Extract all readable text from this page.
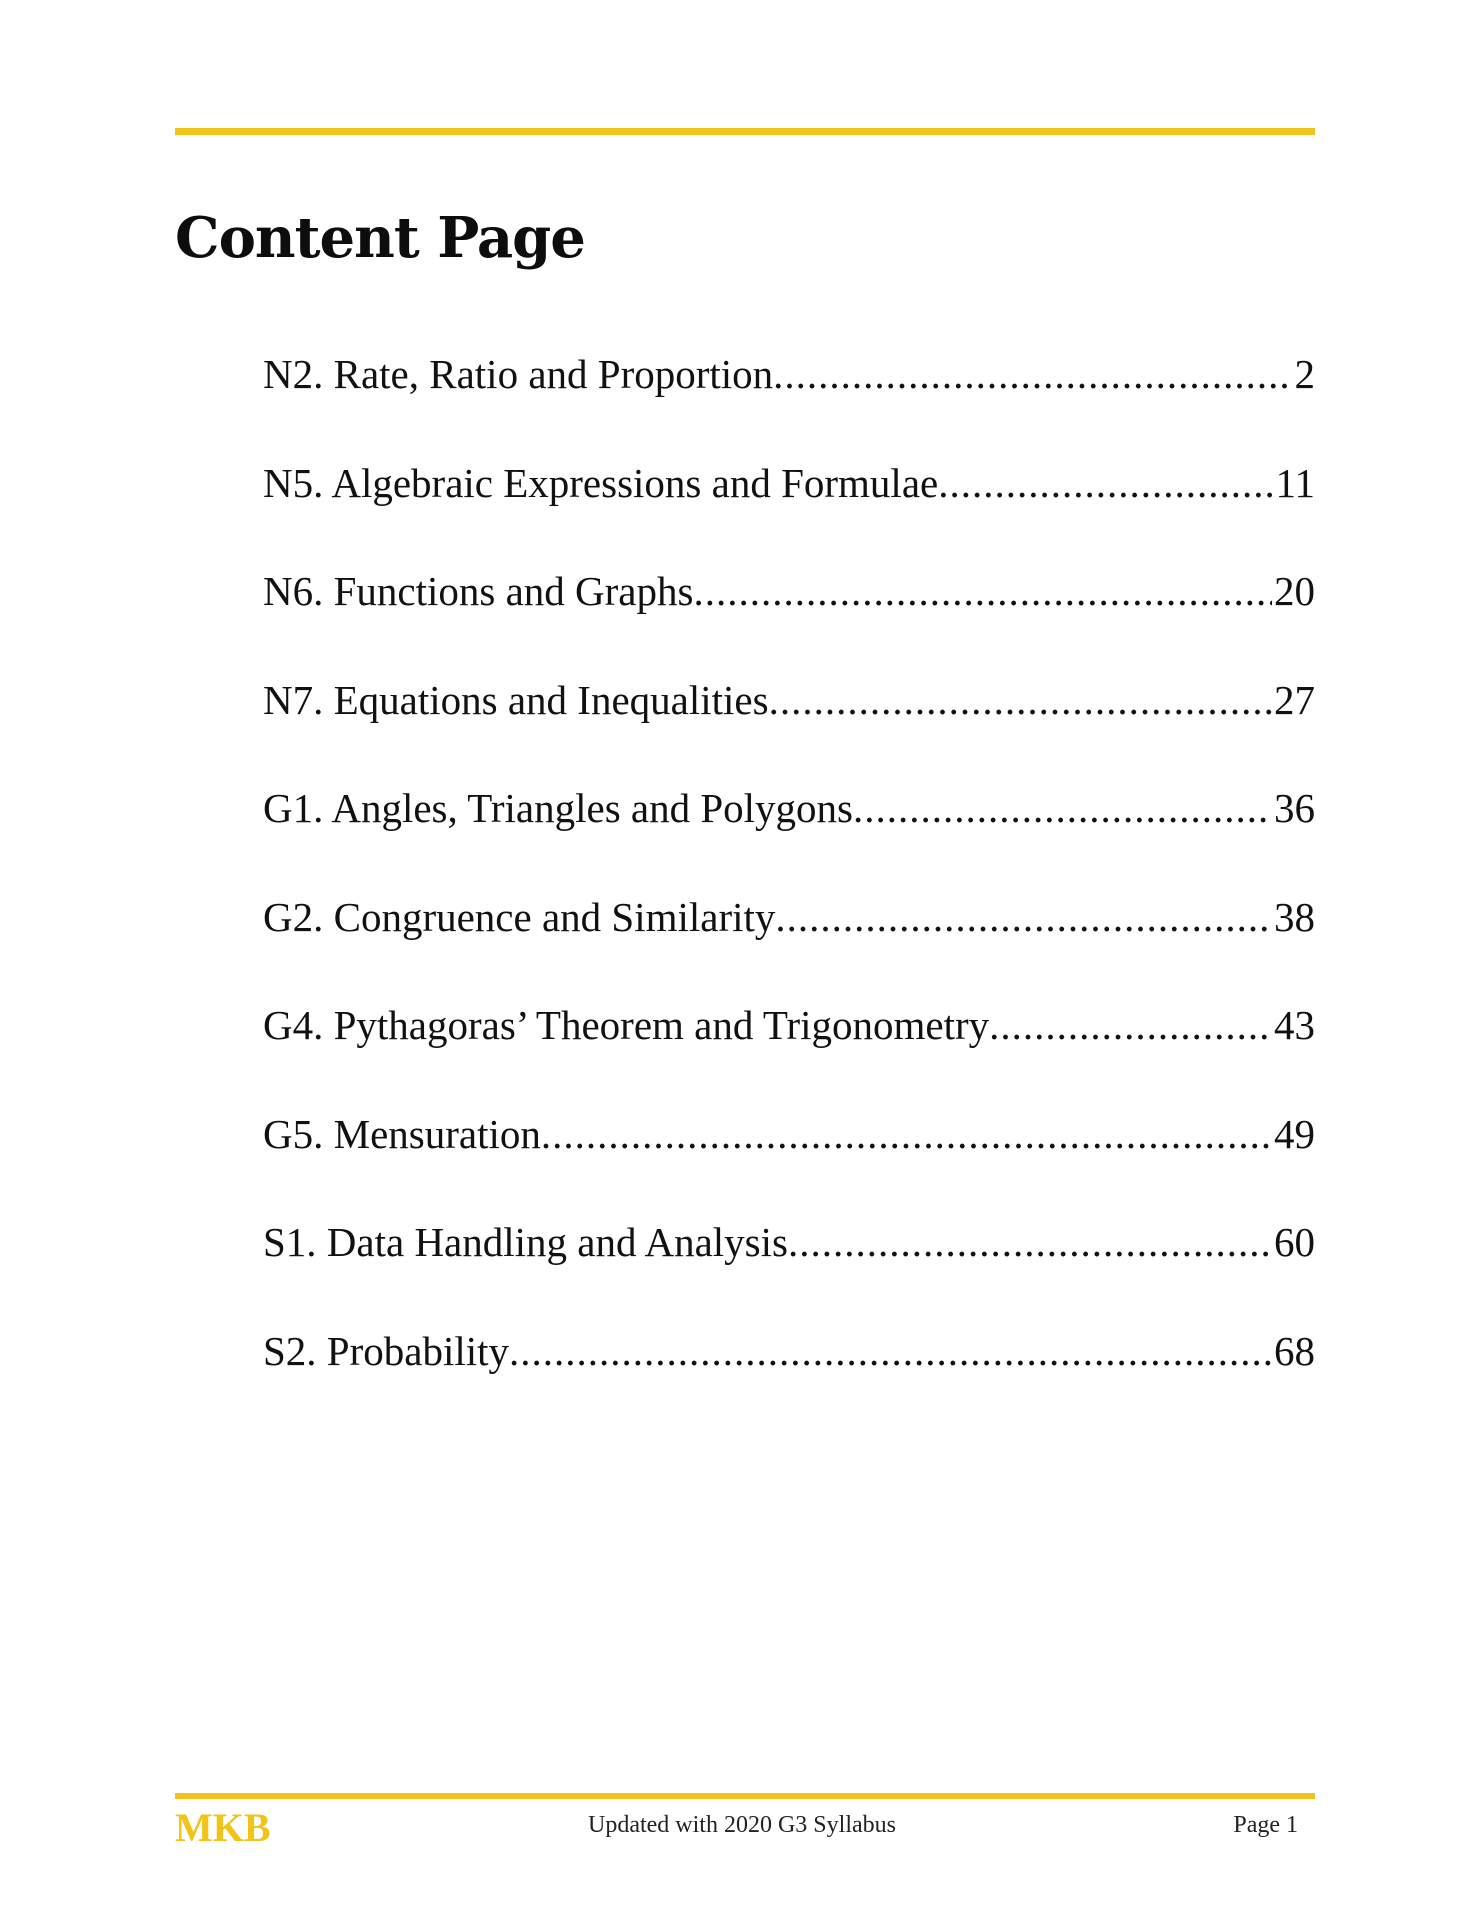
Content Page
N2. Rate, Ratio and Proportion .....	2
N5. Algebraic Expressions and Formulae .....	11
N6. Functions and Graphs .....	20
N7. Equations and Inequalities .....	27
G1. Angles, Triangles and Polygons .....	36
G2. Congruence and Similarity .....	38
G4. Pythagoras’ Theorem and Trigonometry .....	43
G5. Mensuration .....	49
S1. Data Handling and Analysis .....	60
S2. Probability .....	68
MKB	Updated with 2020 G3 Syllabus	Page 1
